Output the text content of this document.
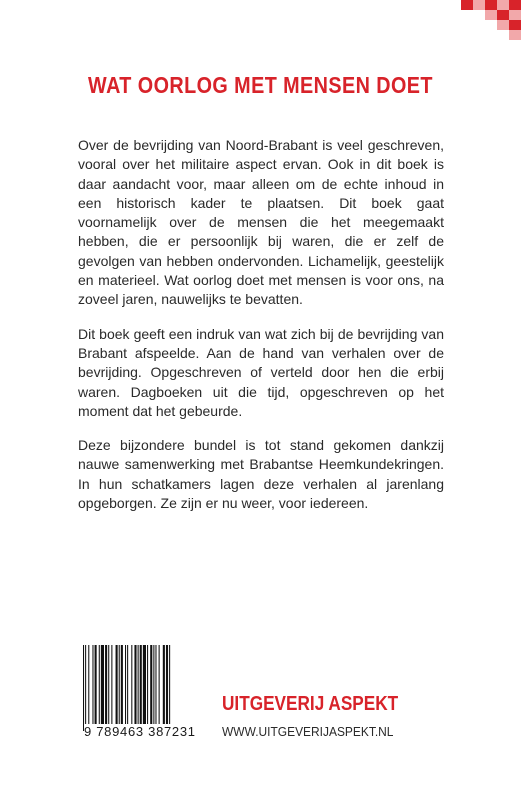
WAT OORLOG MET MENSEN DOET

Over de bevrijding van Noord-Brabant is veel geschreven, vooral over het militaire aspect ervan. Ook in dit boek is daar aandacht voor, maar alleen om de echte inhoud in een historisch kader te plaatsen. Dit boek gaat voornamelijk over de mensen die het meegemaakt hebben, die er persoonlijk bij waren, die er zelf de gevolgen van hebben ondervonden. Lichamelijk, geestelijk en materieel. Wat oorlog doet met mensen is voor ons, na zoveel jaren, nauwelijks te bevatten.

Dit boek geeft een indruk van wat zich bij de bevrijding van Brabant afspeelde. Aan de hand van verhalen over de bevrijding. Opgeschreven of verteld door hen die erbij waren. Dagboeken uit die tijd, opgeschreven op het moment dat het gebeurde.

Deze bijzondere bundel is tot stand gekomen dankzij nauwe samenwerking met Brabantse Heemkundekringen. In hun schatkamers lagen deze verhalen al jarenlang opgeborgen. Ze zijn er nu weer, voor iedereen.

9 789463 387231
UITGEVERIJ ASPEKT
WWW.UITGEVERIJASPEKT.NL
